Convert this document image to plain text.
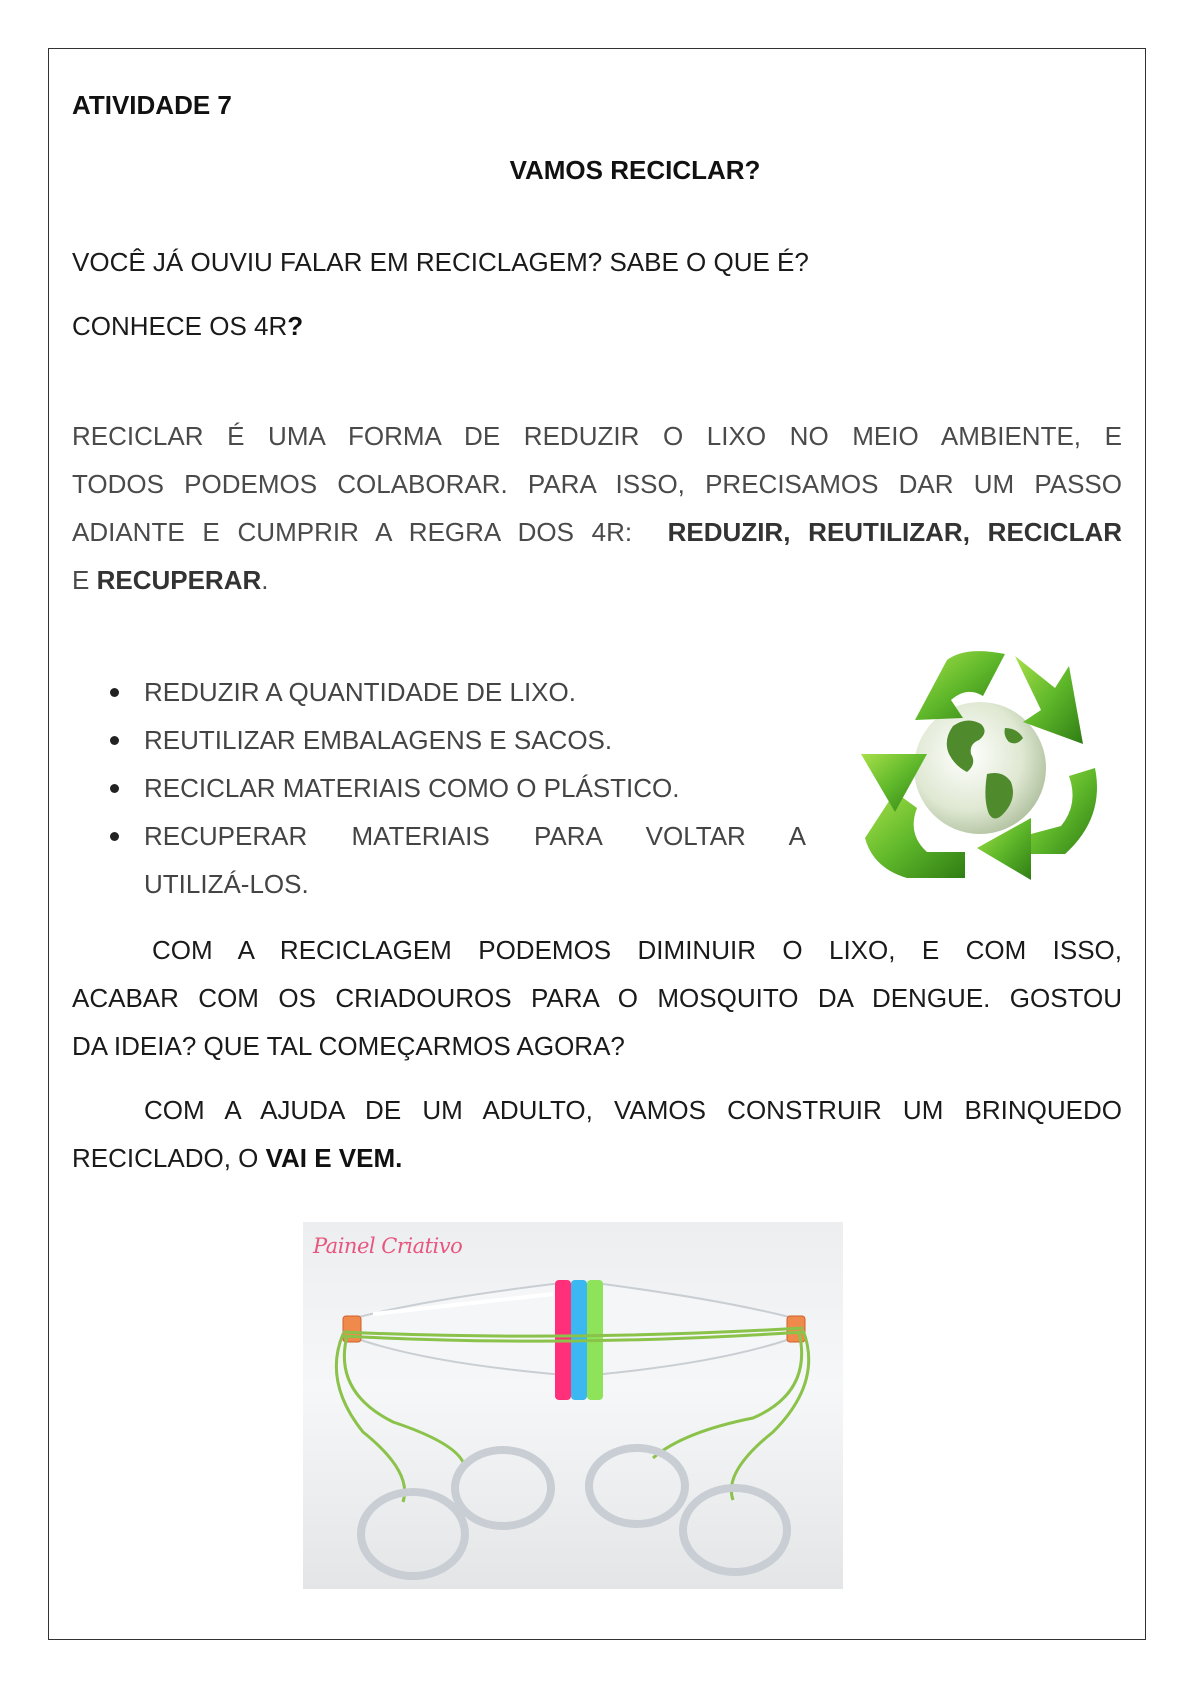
ATIVIDADE 7
VAMOS RECICLAR?
VOCÊ JÁ OUVIU FALAR EM RECICLAGEM? SABE O QUE É?
CONHECE OS 4R?
RECICLAR É UMA FORMA DE REDUZIR O LIXO NO MEIO AMBIENTE, E
TODOS PODEMOS COLABORAR. PARA ISSO, PRECISAMOS DAR UM PASSO
ADIANTE E CUMPRIR A REGRA DOS 4R: REDUZIR, REUTILIZAR, RECICLAR
E RECUPERAR.
REDUZIR A QUANTIDADE DE LIXO.
REUTILIZAR EMBALAGENS E SACOS.
RECICLAR MATERIAIS COMO O PLÁSTICO.
RECUPERAR MATERIAIS PARA VOLTAR A
UTILIZÁ-LOS.
COM A RECICLAGEM PODEMOS DIMINUIR O LIXO, E COM ISSO,
ACABAR COM OS CRIADOUROS PARA O MOSQUITO DA DENGUE. GOSTOU
DA IDEIA? QUE TAL COMEÇARMOS AGORA?
COM A AJUDA DE UM ADULTO, VAMOS CONSTRUIR UM BRINQUEDO
RECICLADO, O VAI E VEM.
Painel Criativo
